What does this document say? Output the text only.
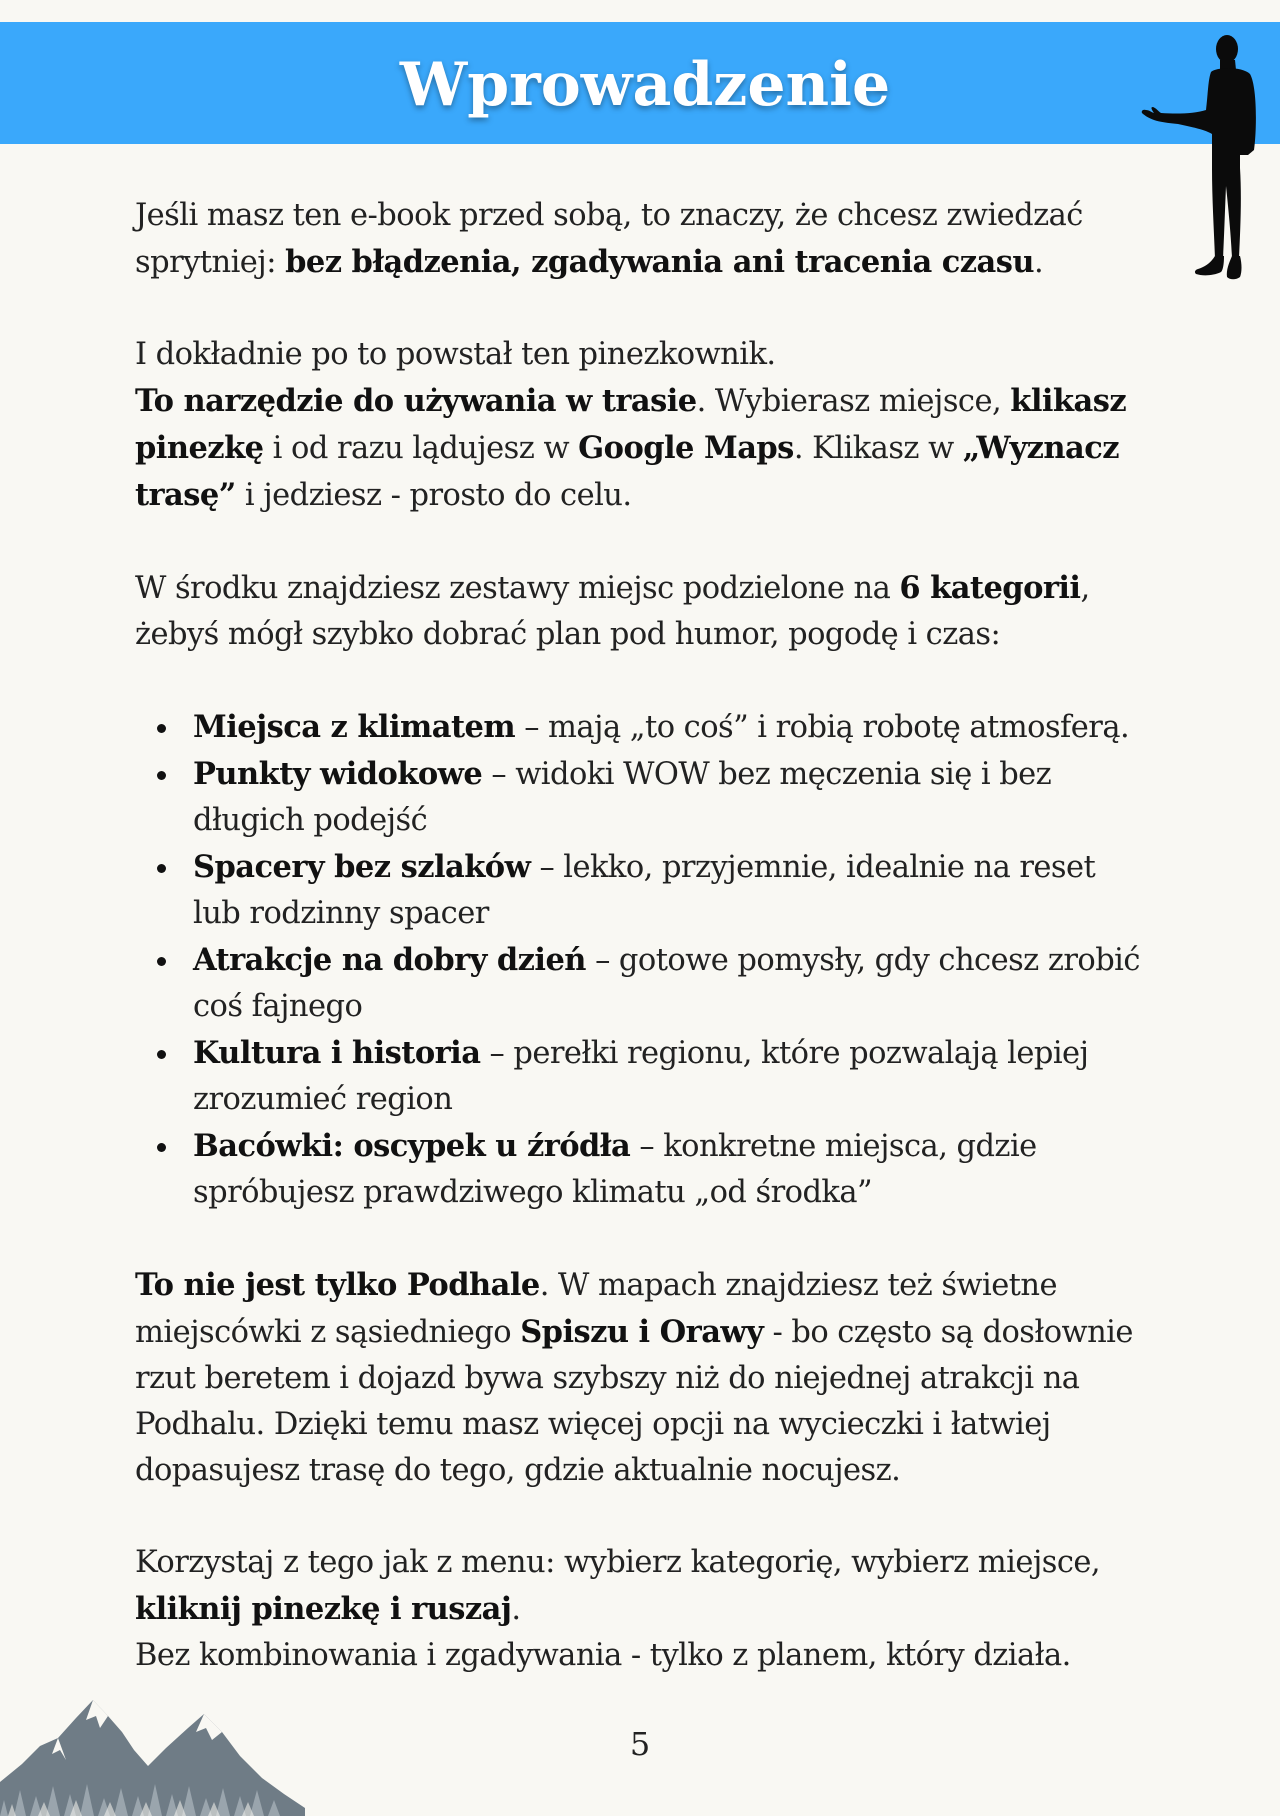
Wprowadzenie

Jeśli masz ten e-book przed sobą, to znaczy, że chcesz zwiedzać sprytniej: bez błądzenia, zgadywania ani tracenia czasu.

I dokładnie po to powstał ten pinezkownik.

To narzędzie do używania w trasie. Wybierasz miejsce, klikasz pinezkę i od razu lądujesz w Google Maps. Klikasz w „Wyznacz trasę” i jedziesz - prosto do celu.

W środku znajdziesz zestawy miejsc podzielone na 6 kategorii, żebyś mógł szybko dobrać plan pod humor, pogodę i czas:

Miejsca z klimatem – mają „to coś” i robią robotę atmosferą.
Punkty widokowe – widoki WOW bez męczenia się i bez długich podejść
Spacery bez szlaków – lekko, przyjemnie, idealnie na reset lub rodzinny spacer
Atrakcje na dobry dzień – gotowe pomysły, gdy chcesz zrobić coś fajnego
Kultura i historia – perełki regionu, które pozwalają lepiej zrozumieć region
Bacówki: oscypek u źródła – konkretne miejsca, gdzie spróbujesz prawdziwego klimatu „od środka”

To nie jest tylko Podhale. W mapach znajdziesz też świetne miejscówki z sąsiedniego Spiszu i Orawy - bo często są dosłownie rzut beretem i dojazd bywa szybszy niż do niejednej atrakcji na Podhalu. Dzięki temu masz więcej opcji na wycieczki i łatwiej dopasujesz trasę do tego, gdzie aktualnie nocujesz.

Korzystaj z tego jak z menu: wybierz kategorię, wybierz miejsce, kliknij pinezkę i ruszaj.

Bez kombinowania i zgadywania - tylko z planem, który działa.

5
